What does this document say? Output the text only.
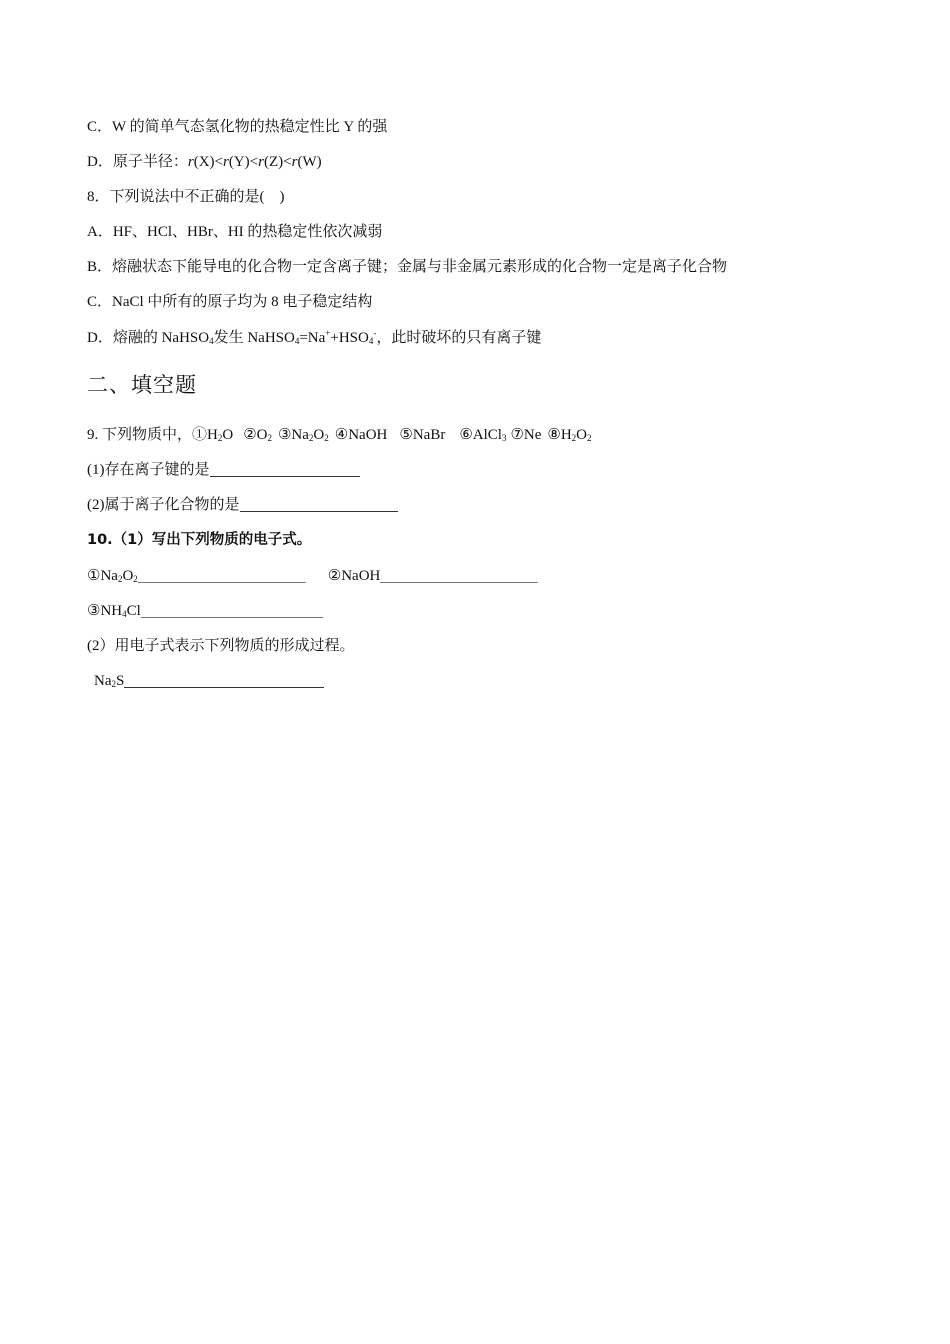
C．W 的简单气态氢化物的热稳定性比 Y 的强
D．原子半径：r(X)<r(Y)<r(Z)<r(W)
8．下列说法中不正确的是(　)
A．HF、HCl、HBr、HI 的热稳定性依次减弱
B．熔融状态下能导电的化合物一定含离子键；金属与非金属元素形成的化合物一定是离子化合物
C．NaCl 中所有的原子均为 8 电子稳定结构
D．熔融的 NaHSO$_4$发生 $NaHSO_4=Na^++HSO_4^-$，此时破坏的只有离子键
二、填空题
9. 下列物质中，$①H_2O$ $②O_2$ $③Na_2O_2$ ④NaOH ⑤NaBr ⑥AlCl$_3$ ⑦Ne $⑧H_2O_2$
(1)存在离子键的是
(2)属于离子化合物的是
10.（1）写出下列物质的电子式。
$①Na_2O_2$	②NaOH
$③NH_4Cl$
(2）用电子式表示下列物质的形成过程。
$Na_2S$
